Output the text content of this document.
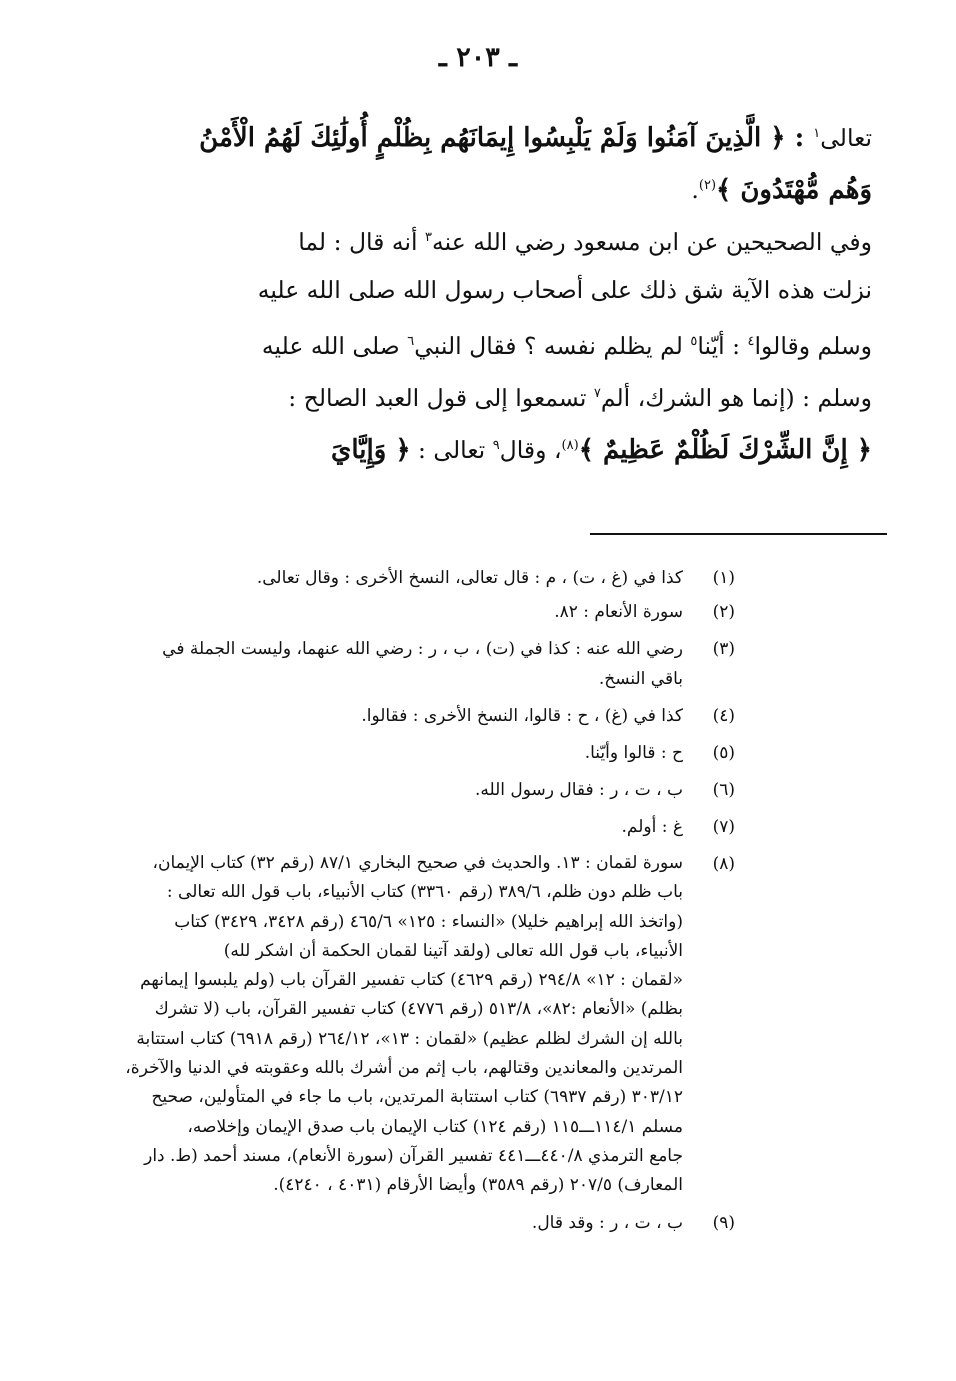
ـ ٢٠٣ ـ
تعالى$^١$ : ﴿ الَّذِينَ آمَنُوا وَلَمْ يَلْبِسُوا إِيمَانَهُم بِظُلْمٍ أُولَٰئِكَ لَهُمُ الْأَمْنُ
وَهُم مُّهْتَدُونَ ﴾$^{(٢)}$.
وفي الصحيحين عن ابن مسعود رضي الله عنه$^٣$ أنه قال : لما
نزلت هذه الآية شق ذلك على أصحاب رسول الله صلى الله عليه
وسلم وقالوا$^٤$ : أيّنا$^٥$ لم يظلم نفسه ؟ فقال النبي$^٦$ صلى الله عليه
وسلم : (إنما هو الشرك، ألم$^٧$ تسمعوا إلى قول العبد الصالح :
﴿ إِنَّ الشِّرْكَ لَظُلْمٌ عَظِيمٌ ﴾$^{(٨)}$، وقال$^٩$ تعالى : ﴿ وَإِيَّايَ
(١)
كذا في (غ ، ت) ، م : قال تعالى، النسخ الأخرى : وقال تعالى.
(٢)
سورة الأنعام : ٨٢.
(٣)
رضي الله عنه : كذا في (ت) ، ب ، ر : رضي الله عنهما، وليست الجملة في
باقي النسخ.
(٤)
كذا في (غ) ، ح : قالوا، النسخ الأخرى : فقالوا.
(٥)
ح : قالوا وأيّنا.
(٦)
ب ، ت ، ر : فقال رسول الله.
(٧)
غ : أولم.
(٨)
سورة لقمان : ١٣. والحديث في صحيح البخاري ٨٧/١ (رقم ٣٢) كتاب الإيمان،
باب ظلم دون ظلم، ٣٨٩/٦ (رقم ٣٣٦٠) كتاب الأنبياء، باب قول الله تعالى :
(واتخذ الله إبراهيم خليلا) «النساء : ١٢٥» ٤٦٥/٦ (رقم ٣٤٢٨، ٣٤٢٩) كتاب
الأنبياء، باب قول الله تعالى (ولقد آتينا لقمان الحكمة أن اشكر لله)
«لقمان : ١٢» ٢٩٤/٨ (رقم ٤٦٢٩) كتاب تفسير القرآن باب (ولم يلبسوا إيمانهم
بظلم) «الأنعام :٨٢»، ٥١٣/٨ (رقم ٤٧٧٦) كتاب تفسير القرآن، باب (لا تشرك
بالله إن الشرك لظلم عظيم) «لقمان : ١٣»، ٢٦٤/١٢ (رقم ٦٩١٨) كتاب استتابة
المرتدين والمعاندين وقتالهم، باب إثم من أشرك بالله وعقوبته في الدنيا والآخرة،
٣٠٣/١٢ (رقم ٦٩٣٧) كتاب استتابة المرتدين، باب ما جاء في المتأولين، صحيح
مسلم ١١٤/١ـــ١١٥ (رقم ١٢٤) كتاب الإيمان باب صدق الإيمان وإخلاصه،
جامع الترمذي ٤٤٠/٨ـــ٤٤١ تفسير القرآن (سورة الأنعام)، مسند أحمد (ط. دار
المعارف) ٢٠٧/٥ (رقم ٣٥٨٩) وأيضا الأرقام (٤٠٣١ ، ٤٢٤٠).
(٩)
ب ، ت ، ر : وقد قال.
